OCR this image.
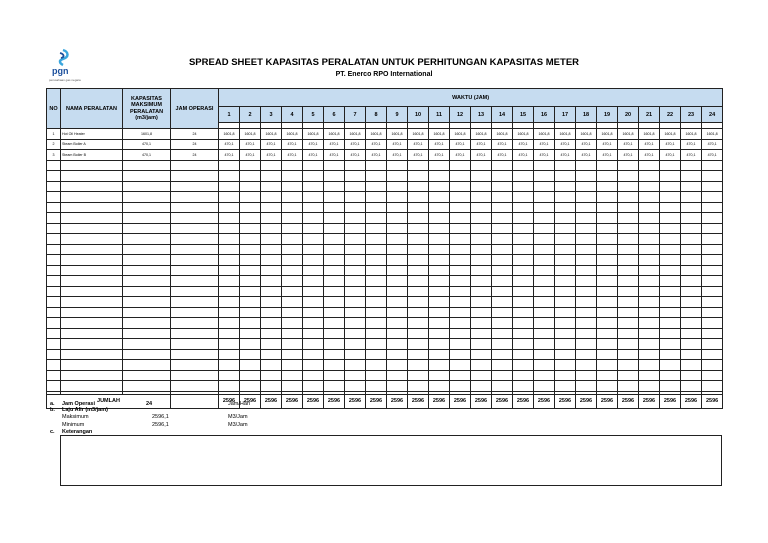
pgn
perusahaan gas negara
SPREAD SHEET KAPASITAS PERALATAN UNTUK PERHITUNGAN KAPASITAS METER
PT. Enerco RPO International
NO	NAMA PERALATAN	KAPASITAS MAKSIMUM PERALATAN (m3/jam)	JAM OPERASI	WAKTU (JAM)																							
				1	2	3	4	5	6	7	8	9	10	11	12	13	14	15	16	17	18	19	20	21	22	23	24

1	Hot Oil Heater	1601,8	24	1601,8	1601,8	1601,8	1601,8	1601,8	1601,8	1601,8	1601,8	1601,8	1601,8	1601,8	1601,8	1601,8	1601,8	1601,8	1601,8	1601,8	1601,8	1601,8	1601,8	1601,8	1601,8	1601,8	1601,8
2	Steam Boiler A	470,1	24	470,1	470,1	470,1	470,1	470,1	470,1	470,1	470,1	470,1	470,1	470,1	470,1	470,1	470,1	470,1	470,1	470,1	470,1	470,1	470,1	470,1	470,1	470,1	470,1
3	Steam Boiler B	470,1	24	470,1	470,1	470,1	470,1	470,1	470,1	470,1	470,1	470,1	470,1	470,1	470,1	470,1	470,1	470,1	470,1	470,1	470,1	470,1	470,1	470,1	470,1	470,1	470,1

JUMLAH				2596	2596	2596	2596	2596	2596	2596	2596	2596	2596	2596	2596	2596	2596	2596	2596	2596	2596	2596	2596	2596	2596	2596	2596
a. Jam Operasi	24	Jam/Hari
b. Laju Alir (m3/jam)
Maksimum	2596,1	M3/Jam
Minimum	2596,1	M3/Jam
c. Keterangan
